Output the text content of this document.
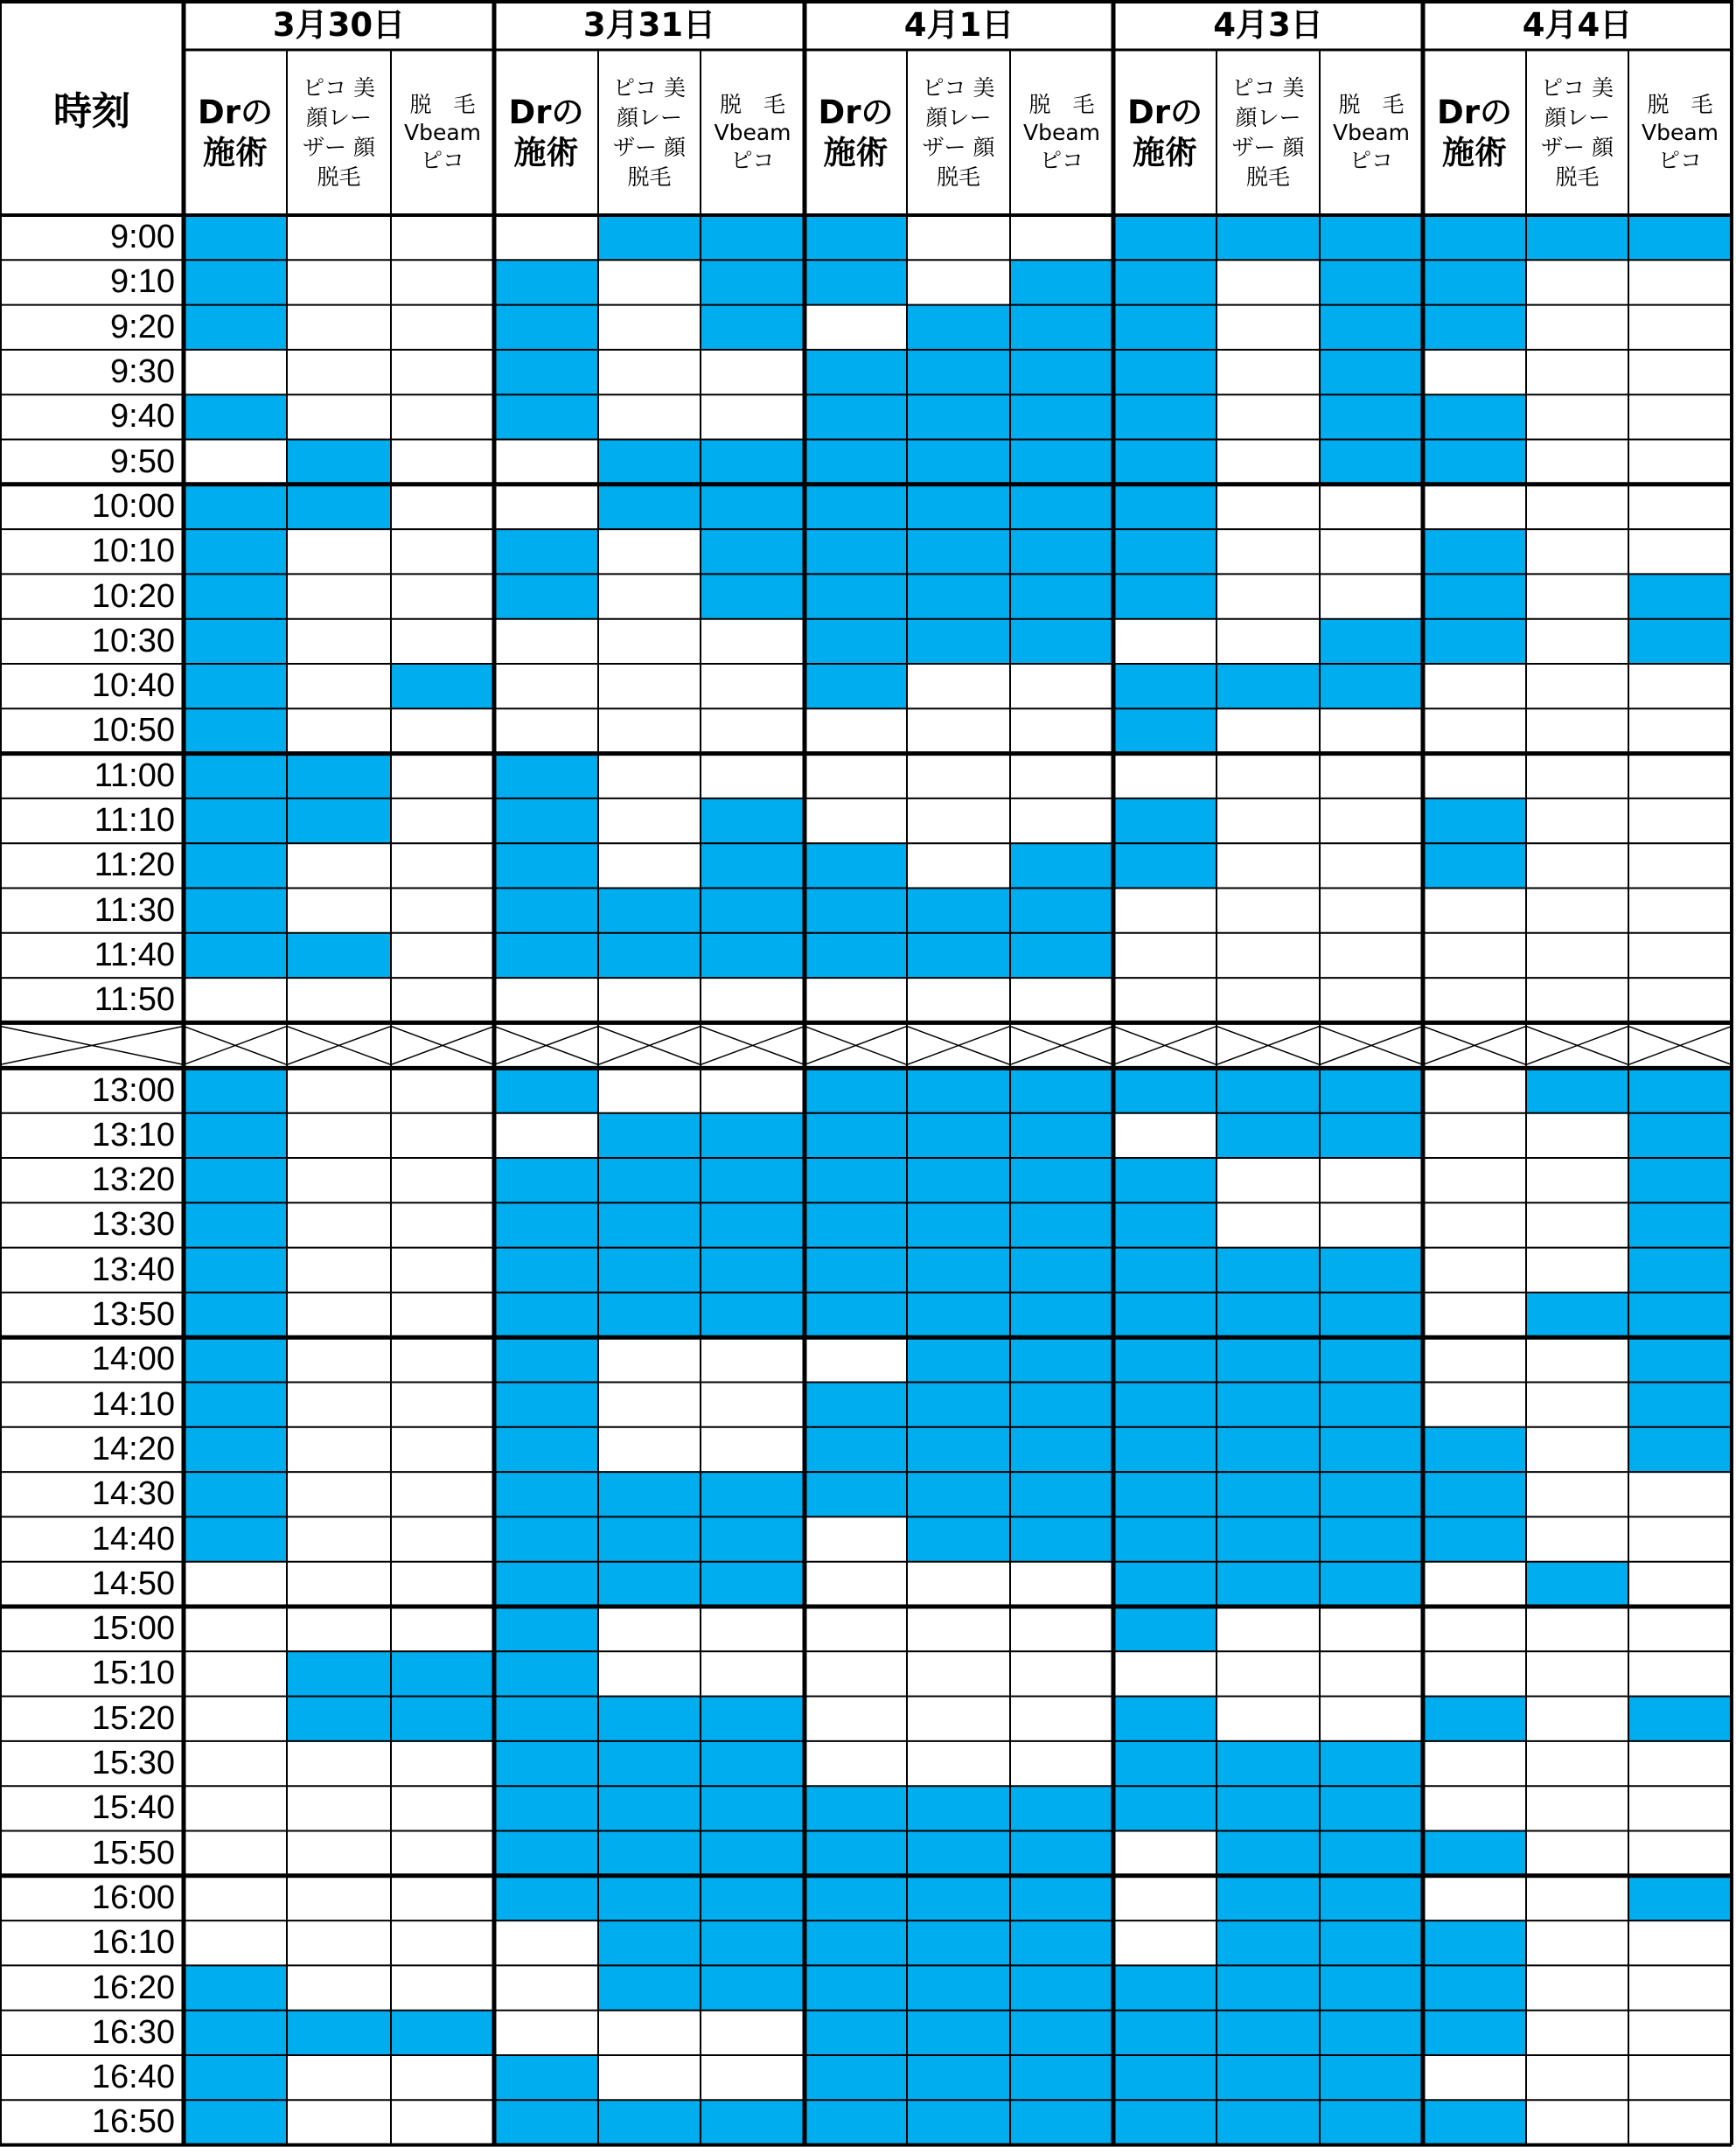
時刻
3月30日
Drの
施術
ピコ 美
顔レー
ザー 顔
脱毛
脱　毛
Vbeam
ピコ
3月31日
Drの
施術
ピコ 美
顔レー
ザー 顔
脱毛
脱　毛
Vbeam
ピコ
4月1日
Drの
施術
ピコ 美
顔レー
ザー 顔
脱毛
脱　毛
Vbeam
ピコ
4月3日
Drの
施術
ピコ 美
顔レー
ザー 顔
脱毛
脱　毛
Vbeam
ピコ
4月4日
Drの
施術
ピコ 美
顔レー
ザー 顔
脱毛
脱　毛
Vbeam
ピコ
9:00
9:10
9:20
9:30
9:40
9:50
10:00
10:10
10:20
10:30
10:40
10:50
11:00
11:10
11:20
11:30
11:40
11:50
13:00
13:10
13:20
13:30
13:40
13:50
14:00
14:10
14:20
14:30
14:40
14:50
15:00
15:10
15:20
15:30
15:40
15:50
16:00
16:10
16:20
16:30
16:40
16:50
